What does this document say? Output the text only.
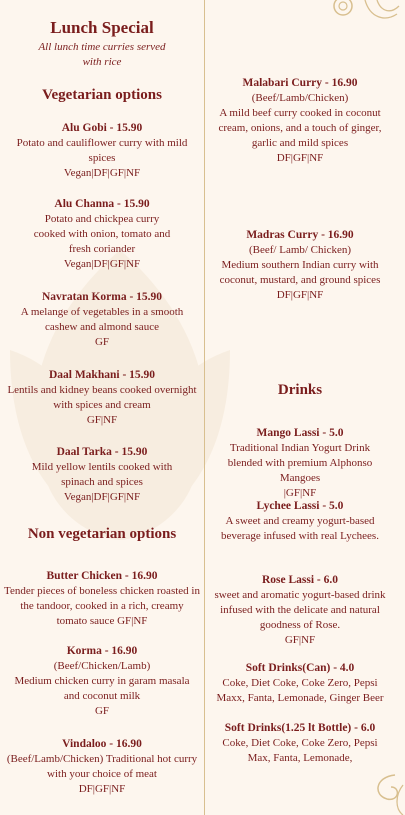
Lunch Special
All lunch time curries served with rice
Vegetarian options
Alu Gobi - 15.90
Potato and cauliflower curry with mild spices
Vegan|DF|GF|NF
Alu Channa - 15.90
Potato and chickpea curry cooked with onion, tomato and fresh coriander
Vegan|DF|GF|NF
Navratan Korma - 15.90
A melange of vegetables in a smooth cashew and almond sauce
GF
Daal Makhani - 15.90
Lentils and kidney beans cooked overnight with spices and cream
GF|NF
Daal Tarka - 15.90
Mild yellow lentils cooked with spinach and spices
Vegan|DF|GF|NF
Non vegetarian options
Butter Chicken - 16.90
Tender pieces of boneless chicken roasted in the tandoor, cooked in a rich, creamy tomato sauce GF|NF
Korma - 16.90
(Beef/Chicken/Lamb)
Medium chicken curry in garam masala and coconut milk
GF
Vindaloo - 16.90
(Beef/Lamb/Chicken) Traditional hot curry with your choice of meat
DF|GF|NF
Malabari Curry - 16.90
(Beef/Lamb/Chicken)
A mild beef curry cooked in coconut cream, onions, and a touch of ginger, garlic and mild spices
DF|GF|NF
Madras Curry - 16.90
(Beef/ Lamb/ Chicken)
Medium southern Indian curry with coconut, mustard, and ground spices
DF|GF|NF
Drinks
Mango Lassi - 5.0
Traditional Indian Yogurt Drink blended with premium Alphonso Mangoes
|GF|NF
Lychee Lassi - 5.0
A sweet and creamy yogurt-based beverage infused with real Lychees.
Rose Lassi - 6.0
sweet and aromatic yogurt-based drink infused with the delicate and natural goodness of Rose.
GF|NF
Soft Drinks(Can) - 4.0
Coke, Diet Coke, Coke Zero, Pepsi Maxx, Fanta, Lemonade, Ginger Beer
Soft Drinks(1.25 lt Bottle) - 6.0
Coke, Diet Coke, Coke Zero, Pepsi Max, Fanta, Lemonade,
